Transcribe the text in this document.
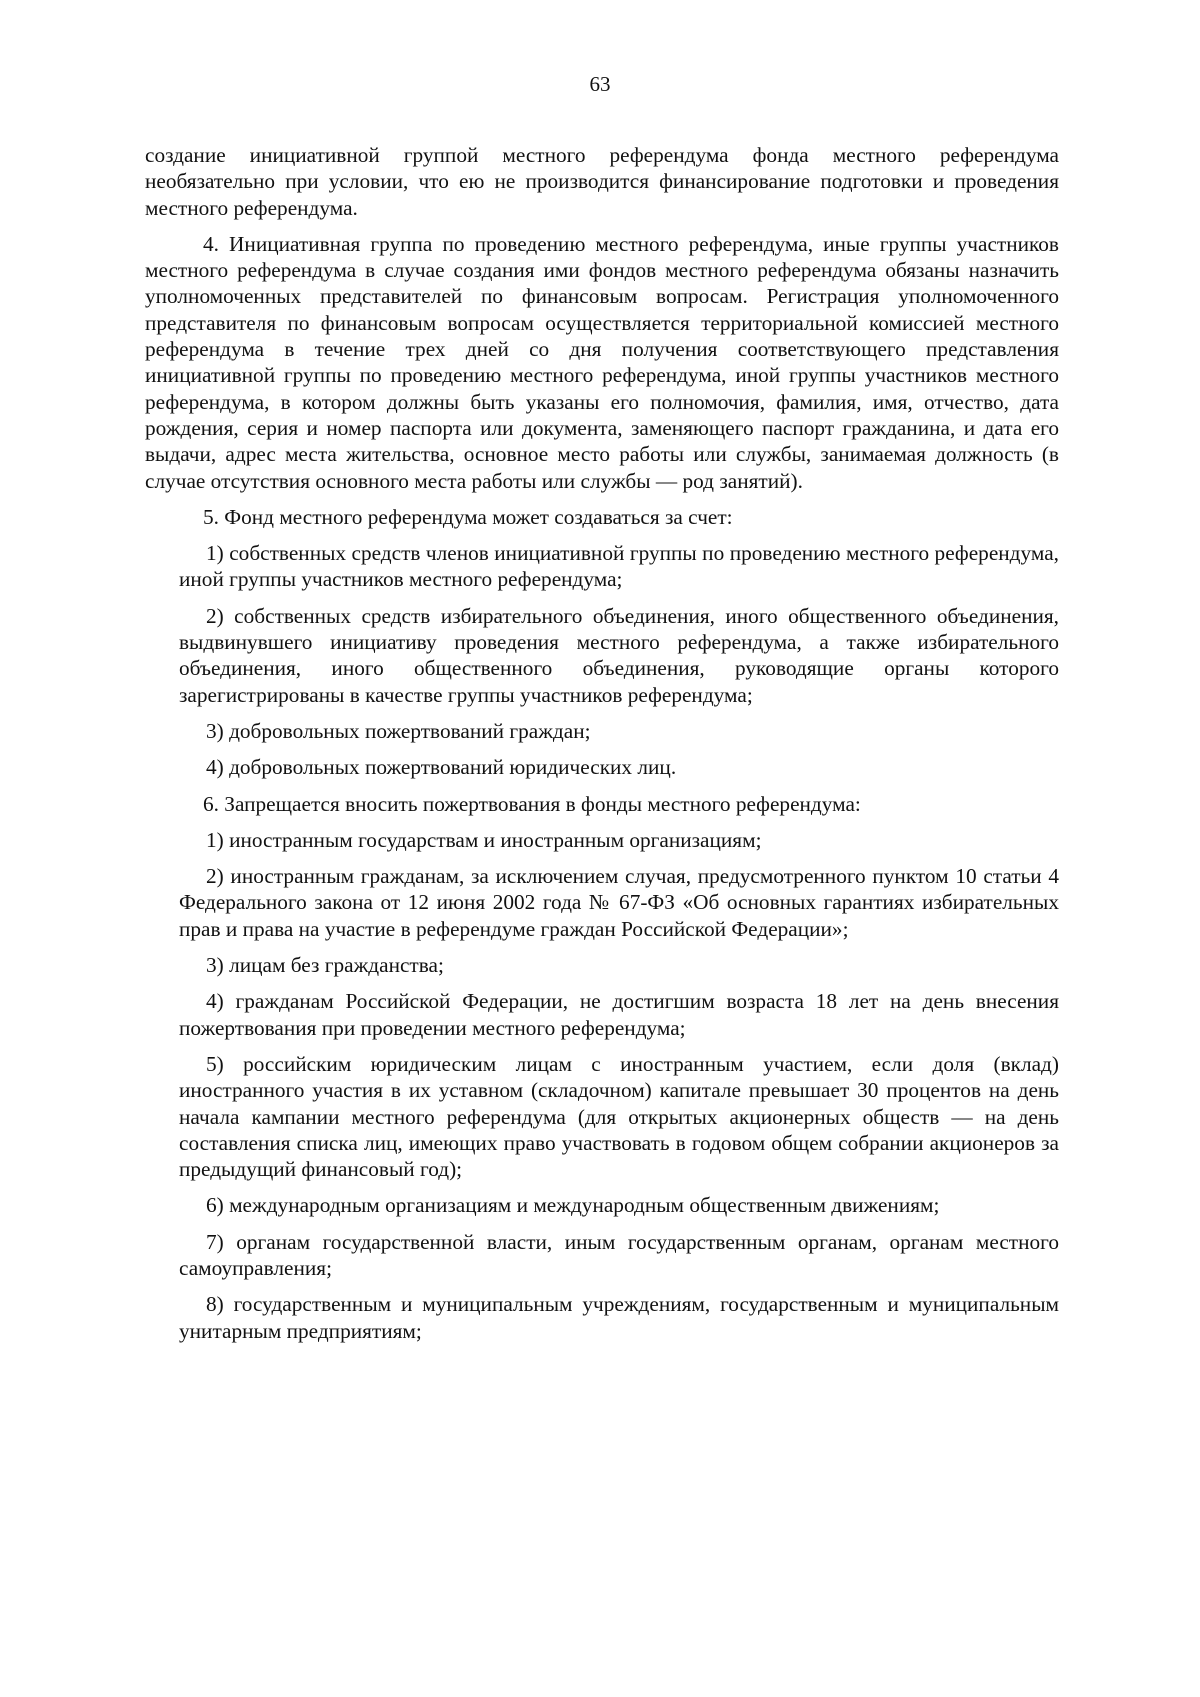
63

создание инициативной группой местного референдума фонда местного референдума необязательно при условии, что ею не производится финансирование подготовки и проведения местного референдума.

4. Инициативная группа по проведению местного референдума, иные группы участников местного референдума в случае создания ими фондов местного референдума обязаны назначить уполномоченных представителей по финансовым вопросам. Регистрация уполномоченного представителя по финансовым вопросам осуществляется территориальной комиссией местного референдума в течение трех дней со дня получения соответствующего представления инициативной группы по проведению местного референдума, иной группы участников местного референдума, в котором должны быть указаны его полномочия, фамилия, имя, отчество, дата рождения, серия и номер паспорта или документа, заменяющего паспорт гражданина, и дата его выдачи, адрес места жительства, основное место работы или службы, занимаемая должность (в случае отсутствия основного места работы или службы — род занятий).

5. Фонд местного референдума может создаваться за счет:

1) собственных средств членов инициативной группы по проведению местного референдума, иной группы участников местного референдума;

2) собственных средств избирательного объединения, иного общественного объединения, выдвинувшего инициативу проведения местного референдума, а также избирательного объединения, иного общественного объединения, руководящие органы которого зарегистрированы в качестве группы участников референдума;

3) добровольных пожертвований граждан;

4) добровольных пожертвований юридических лиц.

6. Запрещается вносить пожертвования в фонды местного референдума:

1) иностранным государствам и иностранным организациям;

2) иностранным гражданам, за исключением случая, предусмотренного пунктом 10 статьи 4 Федерального закона от 12 июня 2002 года № 67-ФЗ «Об основных гарантиях избирательных прав и права на участие в референдуме граждан Российской Федерации»;

3) лицам без гражданства;

4) гражданам Российской Федерации, не достигшим возраста 18 лет на день внесения пожертвования при проведении местного референдума;

5) российским юридическим лицам с иностранным участием, если доля (вклад) иностранного участия в их уставном (складочном) капитале превышает 30 процентов на день начала кампании местного референдума (для открытых акционерных обществ — на день составления списка лиц, имеющих право участвовать в годовом общем собрании акционеров за предыдущий финансовый год);

6) международным организациям и международным общественным движениям;

7) органам государственной власти, иным государственным органам, органам местного самоуправления;

8) государственным и муниципальным учреждениям, государственным и муниципальным унитарным предприятиям;
